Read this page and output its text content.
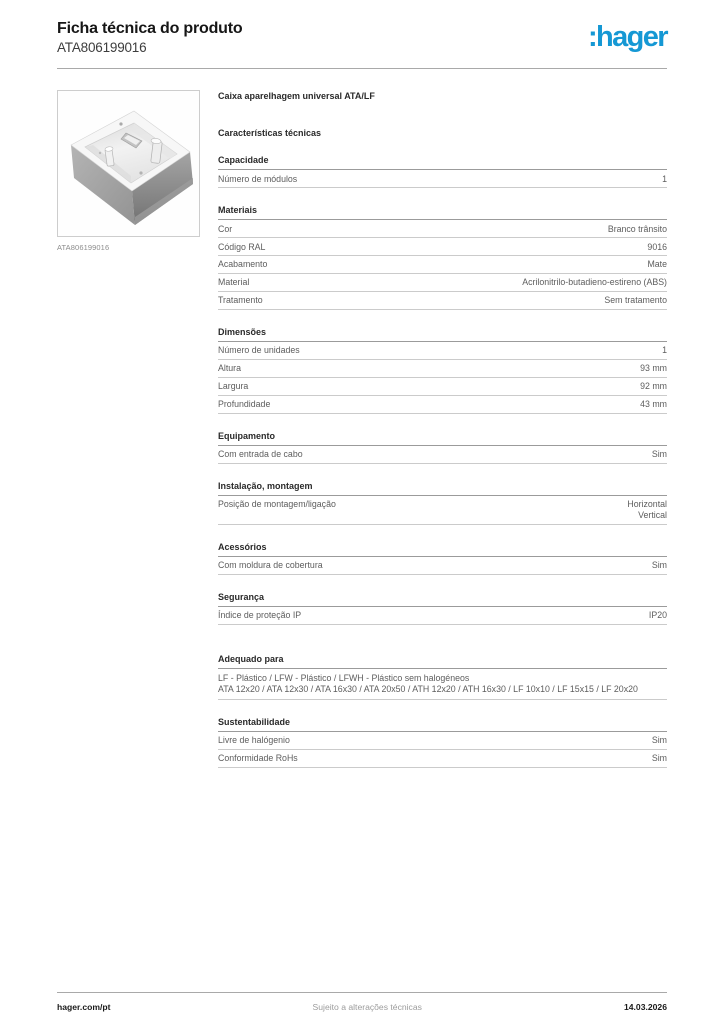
Ficha técnica do produto
ATA806199016	:hager
ATA806199016
Caixa aparelhagem universal ATA/LF
Características técnicas
Capacidade
Número de módulos	1
Materiais
Cor	Branco trânsito
Código RAL	9016
Acabamento	Mate
Material	Acrilonitrilo-butadieno-estireno (ABS)
Tratamento	Sem tratamento
Dimensões
Número de unidades	1
Altura	93 mm
Largura	92 mm
Profundidade	43 mm
Equipamento
Com entrada de cabo	Sim
Instalação, montagem
Posição de montagem/ligação	Horizontal
Vertical
Acessórios
Com moldura de cobertura	Sim
Segurança
Índice de proteção IP	IP20
Adequado para
LF - Plástico / LFW - Plástico / LFWH - Plástico sem halogéneos
ATA 12x20 / ATA 12x30 / ATA 16x30 / ATA 20x50 / ATH 12x20 / ATH 16x30 / LF 10x10 / LF 15x15 / LF 20x20
Sustentabilidade
Livre de halógenio	Sim
Conformidade RoHs	Sim
hager.com/pt	Sujeito a alterações técnicas	14.03.2026
